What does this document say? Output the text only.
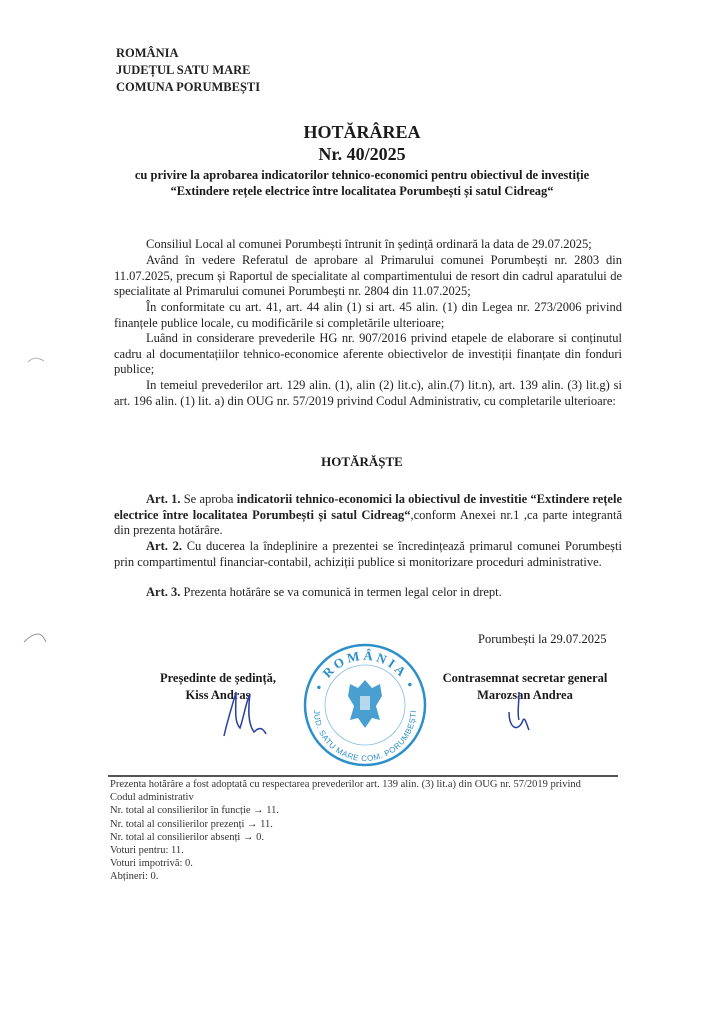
ROMÂNIA
JUDEȚUL SATU MARE
COMUNA PORUMBEȘTI
HOTĂRÂREA
Nr. 40/2025
cu privire la aprobarea indicatorilor tehnico-economici pentru obiectivul de investiție
“Extindere rețele electrice între localitatea Porumbești și satul Cidreag“
Consiliul Local al comunei Porumbești întrunit în ședință ordinară la data de 29.07.2025;
Având în vedere Referatul de aprobare al Primarului comunei Porumbești nr. 2803 din 11.07.2025, precum și Raportul de specialitate al compartimentului de resort din cadrul aparatului de specialitate al Primarului comunei Porumbești nr. 2804 din 11.07.2025;
În conformitate cu art. 41, art. 44 alin (1) si art. 45 alin. (1) din Legea nr. 273/2006 privind finanțele publice locale, cu modificările si completările ulterioare;
Luând in considerare prevederile HG nr. 907/2016 privind etapele de elaborare si conținutul cadru al documentațiilor tehnico-economice aferente obiectivelor de investiții finanțate din fonduri publice;
In temeiul prevederilor art. 129 alin. (1), alin (2) lit.c), alin.(7) lit.n), art. 139 alin. (3) lit.g) si art. 196 alin. (1) lit. a) din OUG nr. 57/2019 privind Codul Administrativ, cu completarile ulterioare:
HOTĂRĂȘTE
Art. 1. Se aproba indicatorii tehnico-economici la obiectivul de investitie “Extindere rețele electrice între localitatea Porumbești și satul Cidreag“,conform Anexei nr.1 ,ca parte integrantă din prezenta hotărâre.
Art. 2. Cu ducerea la îndeplinire a prezentei se încredințează primarul comunei Porumbești prin compartimentul financiar-contabil, achiziții publice si monitorizare proceduri administrative.
Art. 3. Prezenta hotărâre se va comunică in termen legal celor in drept.
Porumbești la 29.07.2025
Președinte de ședință,
Kiss Andras
Contrasemnat secretar general
Marozsan Andrea
• ROMÂNIA •
JUD. SATU MARE COM. PORUMBEȘTI
Prezenta hotărâre a fost adoptată cu respectarea prevederilor art. 139 alin. (3) lit.a) din OUG nr. 57/2019 privind
Codul administrativ
Nr. total al consilierilor în funcție → 11.
Nr. total al consilierilor prezenți → 11.
Nr. total al consilierilor absenți → 0.
Voturi pentru: 11.
Voturi impotrivă: 0.
Abțineri: 0.
